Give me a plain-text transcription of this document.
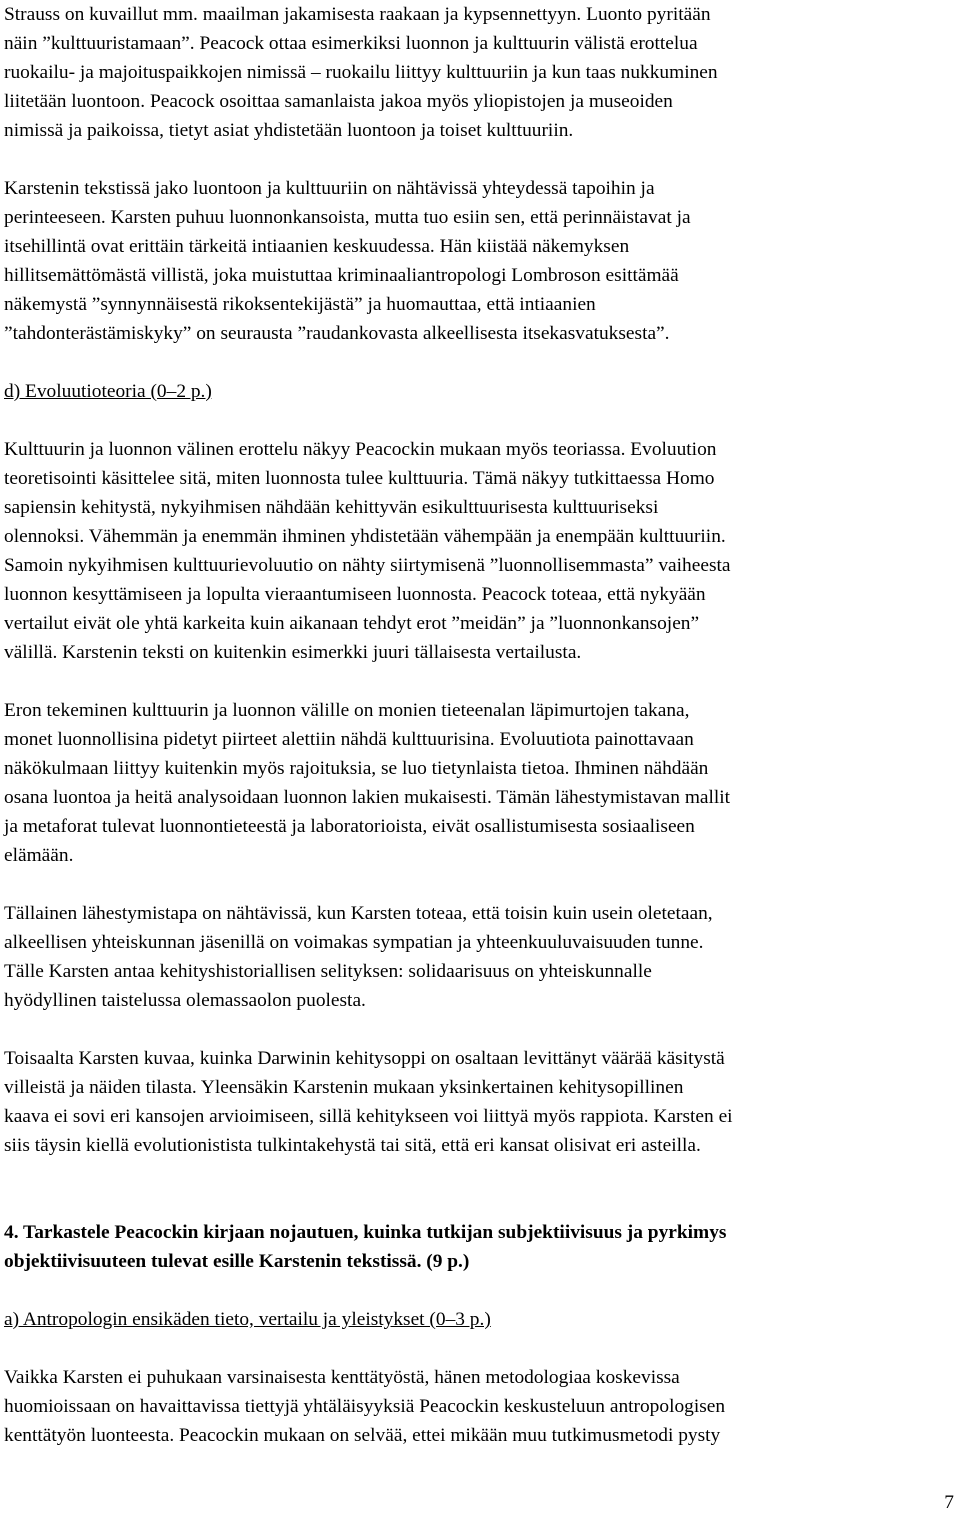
Strauss on kuvaillut mm. maailman jakamisesta raakaan ja kypsennettyyn. Luonto pyritään
näin ”kulttuuristamaan”. Peacock ottaa esimerkiksi luonnon ja kulttuurin välistä erottelua
ruokailu- ja majoituspaikkojen nimissä – ruokailu liittyy kulttuuriin ja kun taas nukkuminen
liitetään luontoon. Peacock osoittaa samanlaista jakoa myös yliopistojen ja museoiden
nimissä ja paikoissa, tietyt asiat yhdistetään luontoon ja toiset kulttuuriin.
Karstenin tekstissä jako luontoon ja kulttuuriin on nähtävissä yhteydessä tapoihin ja
perinteeseen. Karsten puhuu luonnonkansoista, mutta tuo esiin sen, että perinnäistavat ja
itsehillintä ovat erittäin tärkeitä intiaanien keskuudessa. Hän kiistää näkemyksen
hillitsemättömästä villistä, joka muistuttaa kriminaaliantropologi Lombroson esittämää
näkemystä ”synnynnäisestä rikoksentekijästä” ja huomauttaa, että intiaanien
”tahdonterästämiskyky” on seurausta ”raudankovasta alkeellisesta itsekasvatuksesta”.
d) Evoluutioteoria (0–2 p.)
Kulttuurin ja luonnon välinen erottelu näkyy Peacockin mukaan myös teoriassa. Evoluution
teoretisointi käsittelee sitä, miten luonnosta tulee kulttuuria. Tämä näkyy tutkittaessa Homo
sapiensin kehitystä, nykyihmisen nähdään kehittyvän esikulttuurisesta kulttuuriseksi
olennoksi. Vähemmän ja enemmän ihminen yhdistetään vähempään ja enempään kulttuuriin.
Samoin nykyihmisen kulttuurievoluutio on nähty siirtymisenä ”luonnollisemmasta” vaiheesta
luonnon kesyttämiseen ja lopulta vieraantumiseen luonnosta. Peacock toteaa, että nykyään
vertailut eivät ole yhtä karkeita kuin aikanaan tehdyt erot ”meidän” ja ”luonnonkansojen”
välillä. Karstenin teksti on kuitenkin esimerkki juuri tällaisesta vertailusta.
Eron tekeminen kulttuurin ja luonnon välille on monien tieteenalan läpimurtojen takana,
monet luonnollisina pidetyt piirteet alettiin nähdä kulttuurisina. Evoluutiota painottavaan
näkökulmaan liittyy kuitenkin myös rajoituksia, se luo tietynlaista tietoa. Ihminen nähdään
osana luontoa ja heitä analysoidaan luonnon lakien mukaisesti. Tämän lähestymistavan mallit
ja metaforat tulevat luonnontieteestä ja laboratorioista, eivät osallistumisesta sosiaaliseen
elämään.
Tällainen lähestymistapa on nähtävissä, kun Karsten toteaa, että toisin kuin usein oletetaan,
alkeellisen yhteiskunnan jäsenillä on voimakas sympatian ja yhteenkuuluvaisuuden tunne.
Tälle Karsten antaa kehityshistoriallisen selityksen: solidaarisuus on yhteiskunnalle
hyödyllinen taistelussa olemassaolon puolesta.
Toisaalta Karsten kuvaa, kuinka Darwinin kehitysoppi on osaltaan levittänyt väärää käsitystä
villeistä ja näiden tilasta. Yleensäkin Karstenin mukaan yksinkertainen kehitysopillinen
kaava ei sovi eri kansojen arvioimiseen, sillä kehitykseen voi liittyä myös rappiota. Karsten ei
siis täysin kiellä evolutionistista tulkintakehystä tai sitä, että eri kansat olisivat eri asteilla.
4. Tarkastele Peacockin kirjaan nojautuen, kuinka tutkijan subjektiivisuus ja pyrkimys
objektiivisuuteen tulevat esille Karstenin tekstissä. (9 p.)
a) Antropologin ensikäden tieto, vertailu ja yleistykset (0–3 p.)
Vaikka Karsten ei puhukaan varsinaisesta kenttätyöstä, hänen metodologiaa koskevissa
huomioissaan on havaittavissa tiettyjä yhtäläisyyksiä Peacockin keskusteluun antropologisen
kenttätyön luonteesta. Peacockin mukaan on selvää, ettei mikään muu tutkimusmetodi pysty
7
